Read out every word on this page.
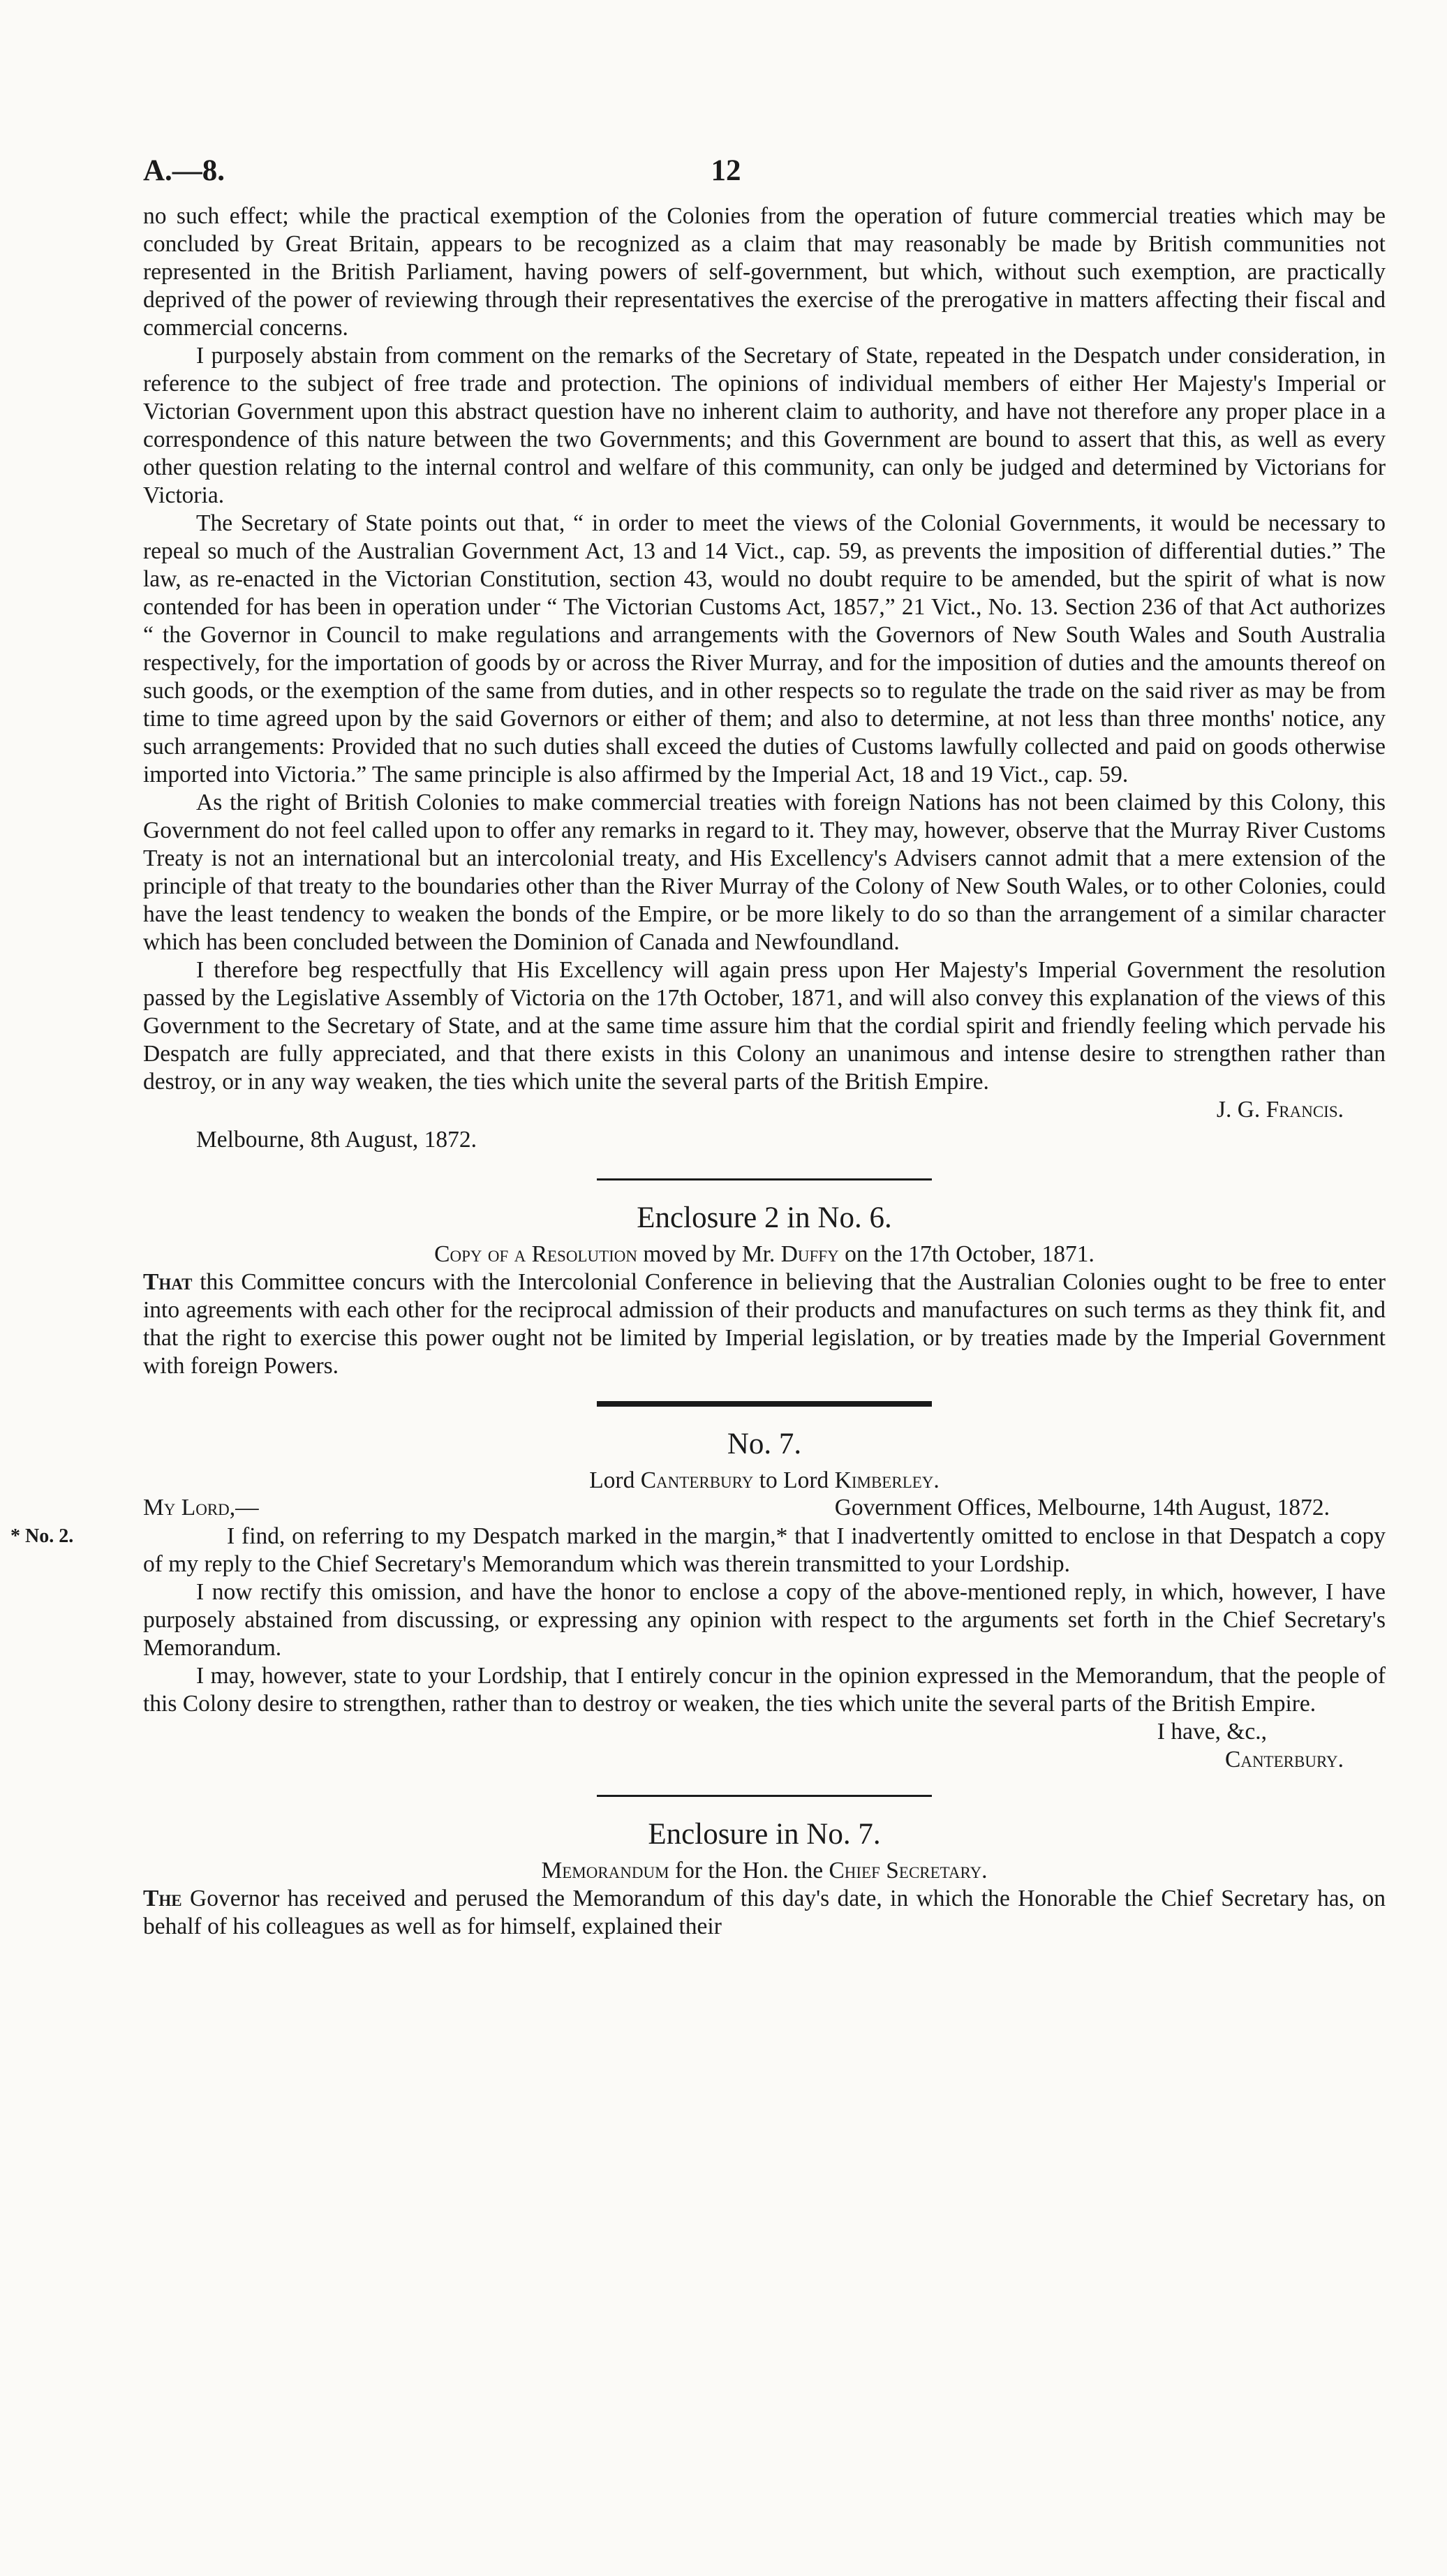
A.—8.	12

no such effect; while the practical exemption of the Colonies from the operation of future commercial treaties which may be concluded by Great Britain, appears to be recognized as a claim that may reasonably be made by British communities not represented in the British Parliament, having powers of self-government, but which, without such exemption, are practically deprived of the power of reviewing through their representatives the exercise of the prerogative in matters affecting their fiscal and commercial concerns.

I purposely abstain from comment on the remarks of the Secretary of State, repeated in the Despatch under consideration, in reference to the subject of free trade and protection. The opinions of individual members of either Her Majesty's Imperial or Victorian Government upon this abstract question have no inherent claim to authority, and have not therefore any proper place in a correspondence of this nature between the two Governments; and this Government are bound to assert that this, as well as every other question relating to the internal control and welfare of this community, can only be judged and determined by Victorians for Victoria.

The Secretary of State points out that, “ in order to meet the views of the Colonial Governments, it would be necessary to repeal so much of the Australian Government Act, 13 and 14 Vict., cap. 59, as prevents the imposition of differential duties.” The law, as re-enacted in the Victorian Constitution, section 43, would no doubt require to be amended, but the spirit of what is now contended for has been in operation under “ The Victorian Customs Act, 1857,” 21 Vict., No. 13. Section 236 of that Act authorizes “ the Governor in Council to make regulations and arrangements with the Governors of New South Wales and South Australia respectively, for the importation of goods by or across the River Murray, and for the imposition of duties and the amounts thereof on such goods, or the exemption of the same from duties, and in other respects so to regulate the trade on the said river as may be from time to time agreed upon by the said Governors or either of them; and also to determine, at not less than three months' notice, any such arrangements: Provided that no such duties shall exceed the duties of Customs lawfully collected and paid on goods otherwise imported into Victoria.” The same principle is also affirmed by the Imperial Act, 18 and 19 Vict., cap. 59.

As the right of British Colonies to make commercial treaties with foreign Nations has not been claimed by this Colony, this Government do not feel called upon to offer any remarks in regard to it. They may, however, observe that the Murray River Customs Treaty is not an international but an intercolonial treaty, and His Excellency's Advisers cannot admit that a mere extension of the principle of that treaty to the boundaries other than the River Murray of the Colony of New South Wales, or to other Colonies, could have the least tendency to weaken the bonds of the Empire, or be more likely to do so than the arrangement of a similar character which has been concluded between the Dominion of Canada and Newfoundland.

I therefore beg respectfully that His Excellency will again press upon Her Majesty's Imperial Government the resolution passed by the Legislative Assembly of Victoria on the 17th October, 1871, and will also convey this explanation of the views of this Government to the Secretary of State, and at the same time assure him that the cordial spirit and friendly feeling which pervade his Despatch are fully appreciated, and that there exists in this Colony an unanimous and intense desire to strengthen rather than destroy, or in any way weaken, the ties which unite the several parts of the British Empire.

J. G. Francis.
Melbourne, 8th August, 1872.
Enclosure 2 in No. 6.
Copy of a Resolution moved by Mr. Duffy on the 17th October, 1871.

That this Committee concurs with the Intercolonial Conference in believing that the Australian Colonies ought to be free to enter into agreements with each other for the reciprocal admission of their products and manufactures on such terms as they think fit, and that the right to exercise this power ought not be limited by Imperial legislation, or by treaties made by the Imperial Government with foreign Powers.

No. 7.
Lord Canterbury to Lord Kimberley.
My Lord,—	Government Offices, Melbourne, 14th August, 1872.
* No. 2.	I find, on referring to my Despatch marked in the margin,* that I inadvertently omitted to enclose in that Despatch a copy of my reply to the Chief Secretary's Memorandum which was therein transmitted to your Lordship.

I now rectify this omission, and have the honor to enclose a copy of the above-mentioned reply, in which, however, I have purposely abstained from discussing, or expressing any opinion with respect to the arguments set forth in the Chief Secretary's Memorandum.

I may, however, state to your Lordship, that I entirely concur in the opinion expressed in the Memorandum, that the people of this Colony desire to strengthen, rather than to destroy or weaken, the ties which unite the several parts of the British Empire.

I have, &c.,
Canterbury.
Enclosure in No. 7.
Memorandum for the Hon. the Chief Secretary.

The Governor has received and perused the Memorandum of this day's date, in which the Honorable the Chief Secretary has, on behalf of his colleagues as well as for himself, explained their
